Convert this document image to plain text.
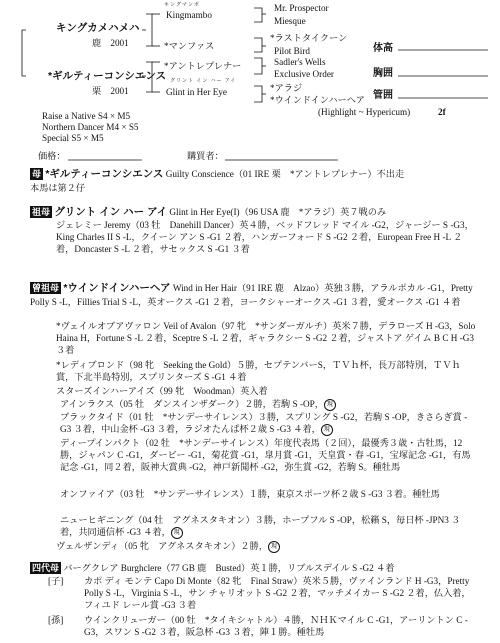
キングカメハメハ
鹿　2001
*ギルティーコンシエンス
栗　2001
キングマンボ
Kingmambo
*マンファス
*アントレプレナー
グリント イン ハー アイ
Glint in Her Eye
Mr. Prospector
Miesque
*ラストタイクーン
Pilot Bird
Sadler's Wells
Exclusive Order
*アラジ
*ウインドインハーヘア
(Highlight ~ Hypericum)	2f
Raise a Native S4 × M5
Northern Dancer M4 × S5
Special S5 × M5
体高
胸囲
管囲
価格：	購買者：
母 *ギルティーコンシエンス Guilty Conscience（01 IRE 栗　*アントレプレナー）不出走
本馬は第２仔
祖母 グリント イン ハー アイ Glint in Her Eye(I)（96 USA 鹿　*アラジ）英７戦のみ
ジェレミー Jeremy（03 牡　Danehill Dancer）英４勝，ベッドフレッド マイル -G2，ジャージー S -G3，King Charles II S -L，クイーン アン S -G1 ２着，ハンガーフォード S -G2 ２着，European Free H -L ２着，Doncaster S -L ２着，サセックス S -G1 ３着
曾祖母 *ウインドインハーヘア Wind in Her Hair（91 IRE 鹿　Alzao）英独３勝，アラルポカル -G1，Pretty Polly S -L，Fillies Trial S -L，英オークス -G1 ２着，ヨークシャーオークス -G1 ３着，愛オークス -G1 ４着
*ヴェイルオブアヴァロン Veil of Avalon（97 牝　*サンダーガルチ）英米７勝，デラローズ H -G3，Solo Haina H，Fortune S -L ２着，Sceptre S -L ２着，ギャラクシー S -G2 ２着，ジャストア ゲイム B C H -G3 ３着
*レディブロンド（98 牝　Seeking the Gold）５勝，セプテンバーS，ＴＶｈ杯，長万部特別，ＴＶｈ賞，下北半島特別，スプリンターズ S -G1 ４着
スターズインハーアイズ（99 牝　Woodman）英入着
アインラクス（05 牡　ダンスインザダーク）２勝，若駒 S -OP， 現
ブラックタイド（01 牡　*サンデーサイレンス）３勝，スプリング S -G2，若駒 S -OP，きさらぎ賞 -G3 ３着，中山金杯 -G3 ３着，ラジオたんぱ杯２歳 S -G3 ４着， 現
ディープインパクト（02 牡　*サンデーサイレンス）年度代表馬（２回），最優秀３歳・古牡馬，12勝，ジャパン C -G1，ダービー -G1，菊花賞 -G1，皐月賞 -G1，天皇賞・春 -G1，宝塚記念 -G1，有馬記念 -G1，同２着，阪神大賞典 -G2，神戸新聞杯 -G2，弥生賞 -G2，若駒 S。種牡馬
オンファイア（03 牡　*サンデーサイレンス）１勝，東京スポーツ杯２歳 S -G3 ３着。種牡馬
ニューヒギニング（04 牡　アグネスタキオン）３勝，ホープフル S -OP，松籟 S，毎日杯 -JPN3 ３着，共同通信杯 -G3 ４着， 現
ヴェルザンディ（05 牝　アグネスタキオン）２勝， 現
四代母 バーグクレア Burghclere（77 GB 鹿　Busted）英１勝，リブルスデイル S -G2 ４着
[子] カポ ディ モンテ Capo Di Monte（82 牝　Final Straw）英米５勝，ヴァインランド H -G3，Pretty Polly S -L，Virginia S -L，サン チャリオット S -G2 ２着，マッチメイカー S -G2 ２着，仏入着，フィユド レール賞 -G3 ３着
[孫] ウインクリューガー（00 牡　*タイキシャトル）４勝，ＮＨＫマイル C -G1，アーリントン C -G3，スワン S -G2 ３着，阪急杯 -G3 ３着，陣１勝。種牡馬
